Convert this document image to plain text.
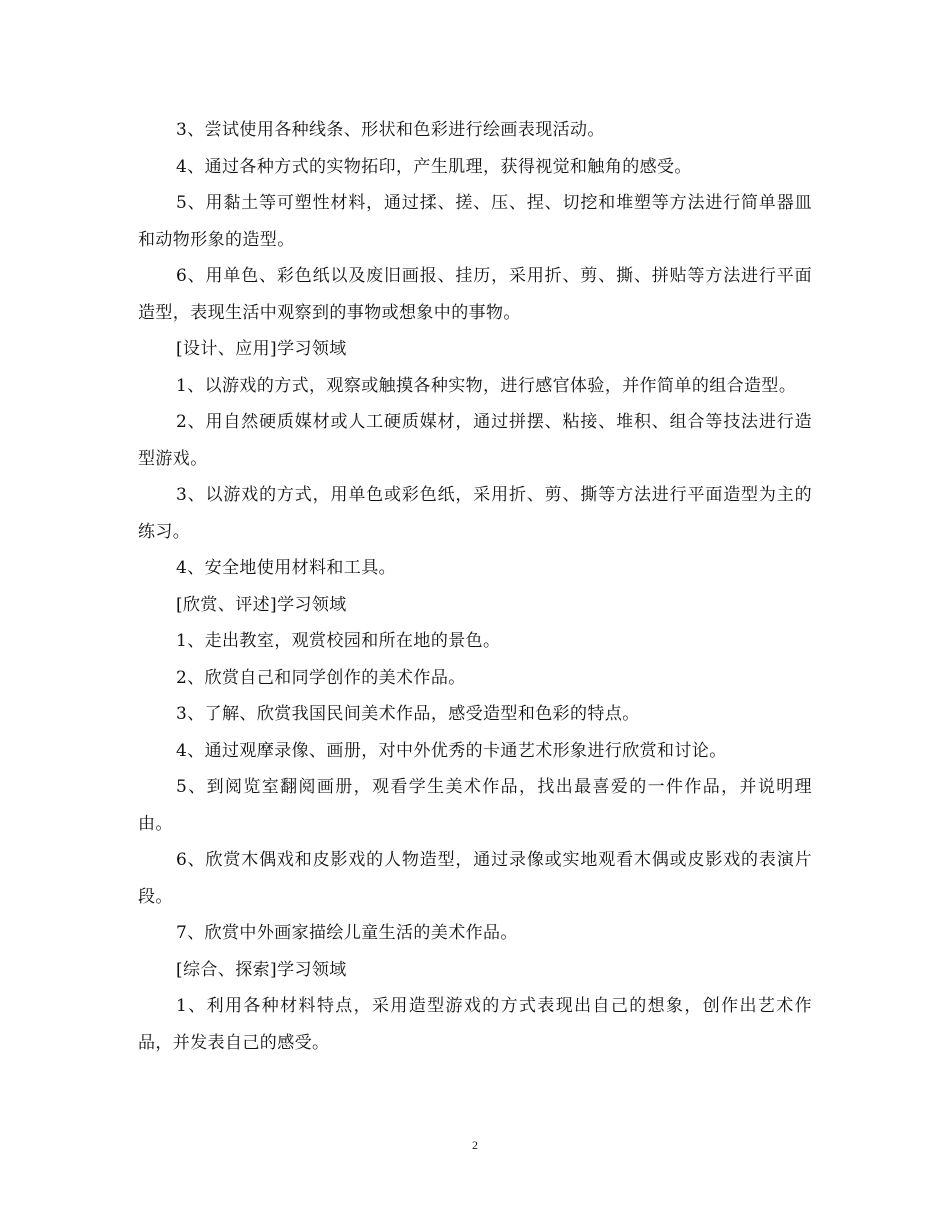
3、尝试使用各种线条、形状和色彩进行绘画表现活动。

4、通过各种方式的实物拓印，产生肌理，获得视觉和触角的感受。

5、用黏土等可塑性材料，通过揉、搓、压、捏、切挖和堆塑等方法进行简单器皿和动物形象的造型。

6、用单色、彩色纸以及废旧画报、挂历，采用折、剪、撕、拼贴等方法进行平面造型，表现生活中观察到的事物或想象中的事物。

[设计、应用]学习领域

1、以游戏的方式，观察或触摸各种实物，进行感官体验，并作简单的组合造型。

2、用自然硬质媒材或人工硬质媒材，通过拼摆、粘接、堆积、组合等技法进行造型游戏。

3、以游戏的方式，用单色或彩色纸，采用折、剪、撕等方法进行平面造型为主的练习。

4、安全地使用材料和工具。

[欣赏、评述]学习领域

1、走出教室，观赏校园和所在地的景色。

2、欣赏自己和同学创作的美术作品。

3、了解、欣赏我国民间美术作品，感受造型和色彩的特点。

4、通过观摩录像、画册，对中外优秀的卡通艺术形象进行欣赏和讨论。

5、到阅览室翻阅画册，观看学生美术作品，找出最喜爱的一件作品，并说明理由。

6、欣赏木偶戏和皮影戏的人物造型，通过录像或实地观看木偶或皮影戏的表演片段。

7、欣赏中外画家描绘儿童生活的美术作品。

[综合、探索]学习领域

1、利用各种材料特点，采用造型游戏的方式表现出自己的想象，创作出艺术作品，并发表自己的感受。

2
